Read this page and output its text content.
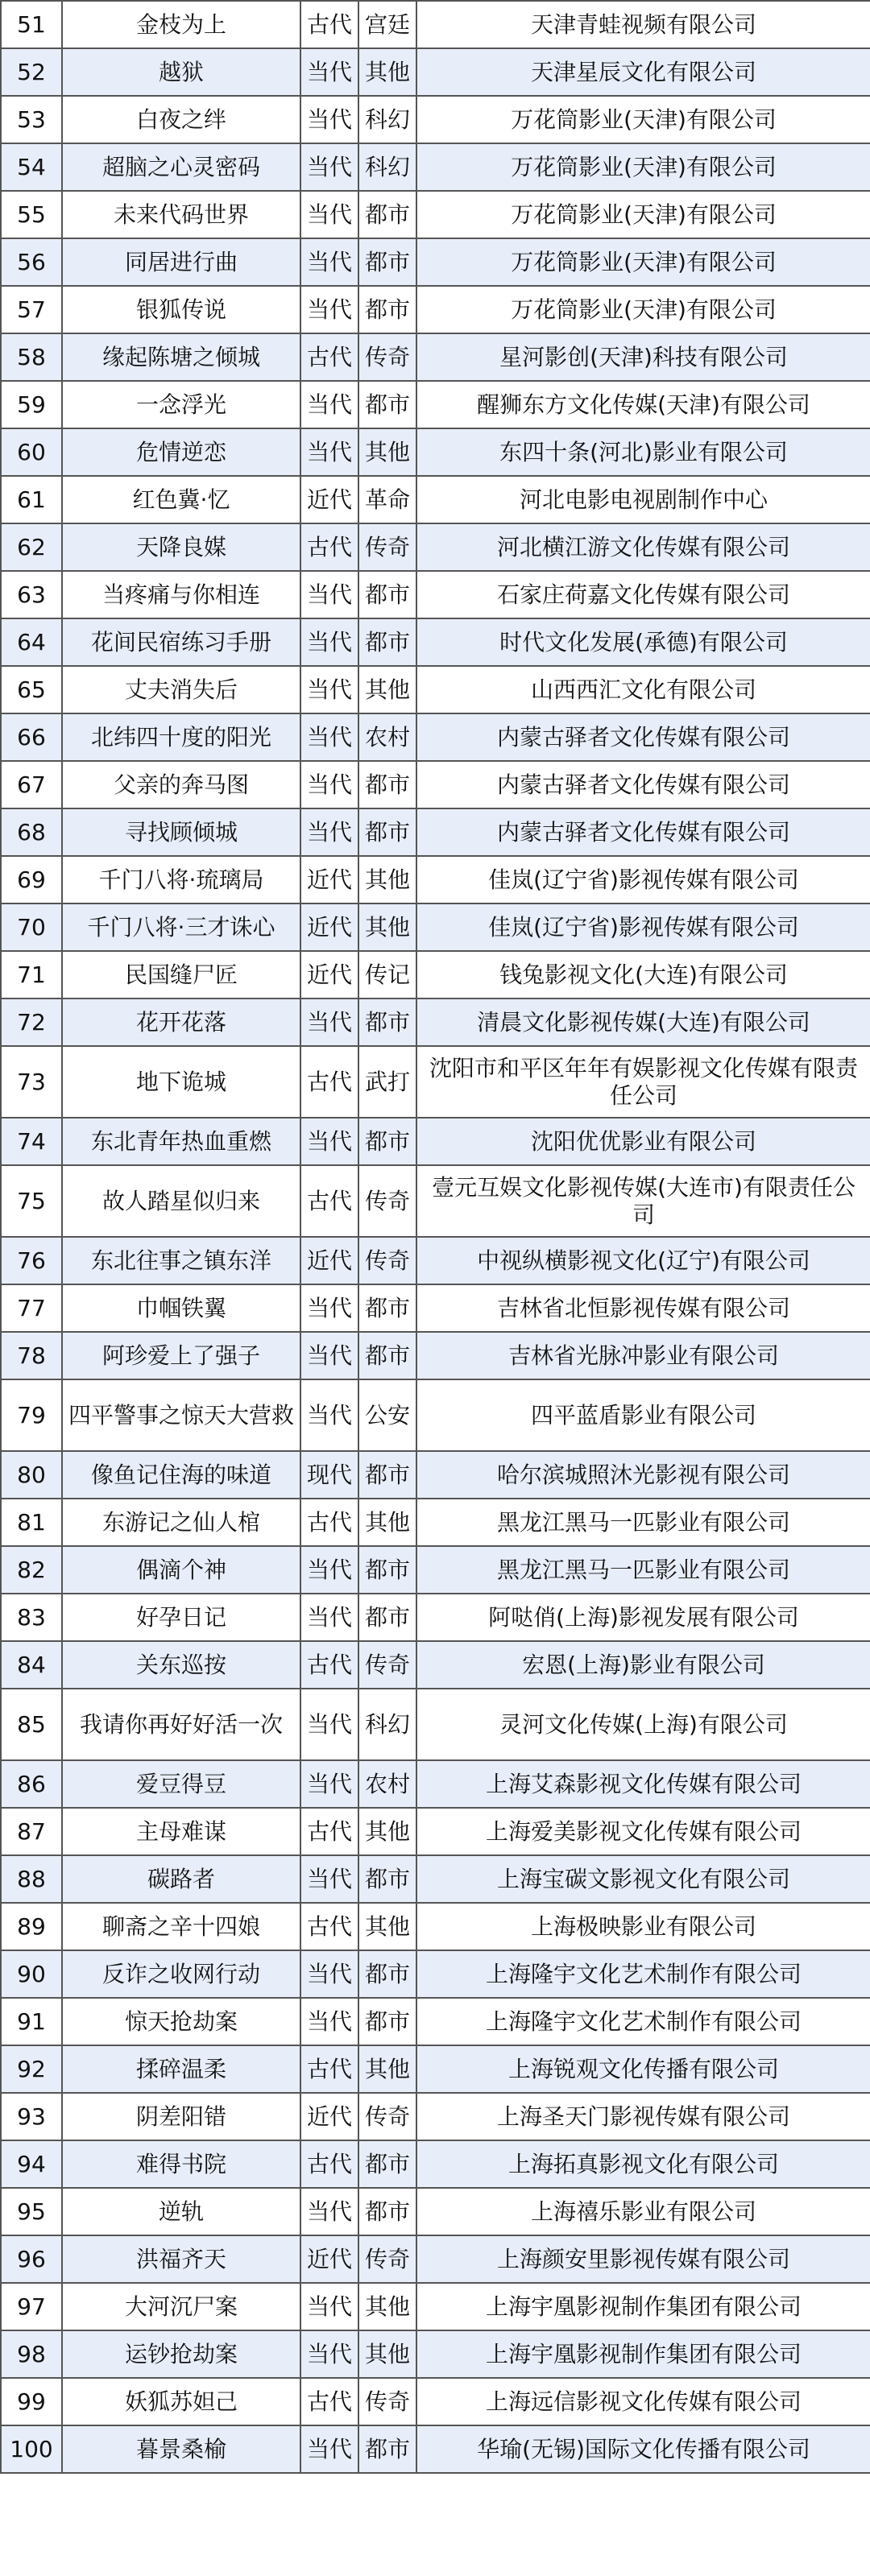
51	金枝为上	古代	宫廷	天津青蛙视频有限公司
52	越狱	当代	其他	天津星辰文化有限公司
53	白夜之绊	当代	科幻	万花筒影业(天津)有限公司
54	超脑之心灵密码	当代	科幻	万花筒影业(天津)有限公司
55	未来代码世界	当代	都市	万花筒影业(天津)有限公司
56	同居进行曲	当代	都市	万花筒影业(天津)有限公司
57	银狐传说	当代	都市	万花筒影业(天津)有限公司
58	缘起陈塘之倾城	古代	传奇	星河影创(天津)科技有限公司
59	一念浮光	当代	都市	醒狮东方文化传媒(天津)有限公司
60	危情逆恋	当代	其他	东四十条(河北)影业有限公司
61	红色冀·忆	近代	革命	河北电影电视剧制作中心
62	天降良媒	古代	传奇	河北横江游文化传媒有限公司
63	当疼痛与你相连	当代	都市	石家庄荷嘉文化传媒有限公司
64	花间民宿练习手册	当代	都市	时代文化发展(承德)有限公司
65	丈夫消失后	当代	其他	山西西汇文化有限公司
66	北纬四十度的阳光	当代	农村	内蒙古驿者文化传媒有限公司
67	父亲的奔马图	当代	都市	内蒙古驿者文化传媒有限公司
68	寻找顾倾城	当代	都市	内蒙古驿者文化传媒有限公司
69	千门八将·琉璃局	近代	其他	佳岚(辽宁省)影视传媒有限公司
70	千门八将·三才诛心	近代	其他	佳岚(辽宁省)影视传媒有限公司
71	民国缝尸匠	近代	传记	钱兔影视文化(大连)有限公司
72	花开花落	当代	都市	清晨文化影视传媒(大连)有限公司
73	地下诡城	古代	武打	沈阳市和平区年年有娱影视文化传媒有限责任公司
74	东北青年热血重燃	当代	都市	沈阳优优影业有限公司
75	故人踏星似归来	古代	传奇	壹元互娱文化影视传媒(大连市)有限责任公司
76	东北往事之镇东洋	近代	传奇	中视纵横影视文化(辽宁)有限公司
77	巾帼铁翼	当代	都市	吉林省北恒影视传媒有限公司
78	阿珍爱上了强子	当代	都市	吉林省光脉冲影业有限公司
79	四平警事之惊天大营救	当代	公安	四平蓝盾影业有限公司
80	像鱼记住海的味道	现代	都市	哈尔滨城照沐光影视有限公司
81	东游记之仙人棺	古代	其他	黑龙江黑马一匹影业有限公司
82	偶滴个神	当代	都市	黑龙江黑马一匹影业有限公司
83	好孕日记	当代	都市	阿哒俏(上海)影视发展有限公司
84	关东巡按	古代	传奇	宏恩(上海)影业有限公司
85	我请你再好好活一次	当代	科幻	灵河文化传媒(上海)有限公司
86	爱豆得豆	当代	农村	上海艾森影视文化传媒有限公司
87	主母难谋	古代	其他	上海爱美影视文化传媒有限公司
88	碳路者	当代	都市	上海宝碳文影视文化有限公司
89	聊斋之辛十四娘	古代	其他	上海极映影业有限公司
90	反诈之收网行动	当代	都市	上海隆宇文化艺术制作有限公司
91	惊天抢劫案	当代	都市	上海隆宇文化艺术制作有限公司
92	揉碎温柔	古代	其他	上海锐观文化传播有限公司
93	阴差阳错	近代	传奇	上海圣天门影视传媒有限公司
94	难得书院	古代	都市	上海拓真影视文化有限公司
95	逆轨	当代	都市	上海禧乐影业有限公司
96	洪福齐天	近代	传奇	上海颜安里影视传媒有限公司
97	大河沉尸案	当代	其他	上海宇凰影视制作集团有限公司
98	运钞抢劫案	当代	其他	上海宇凰影视制作集团有限公司
99	妖狐苏妲己	古代	传奇	上海远信影视文化传媒有限公司
100	暮景桑榆	当代	都市	华瑜(无锡)国际文化传播有限公司
